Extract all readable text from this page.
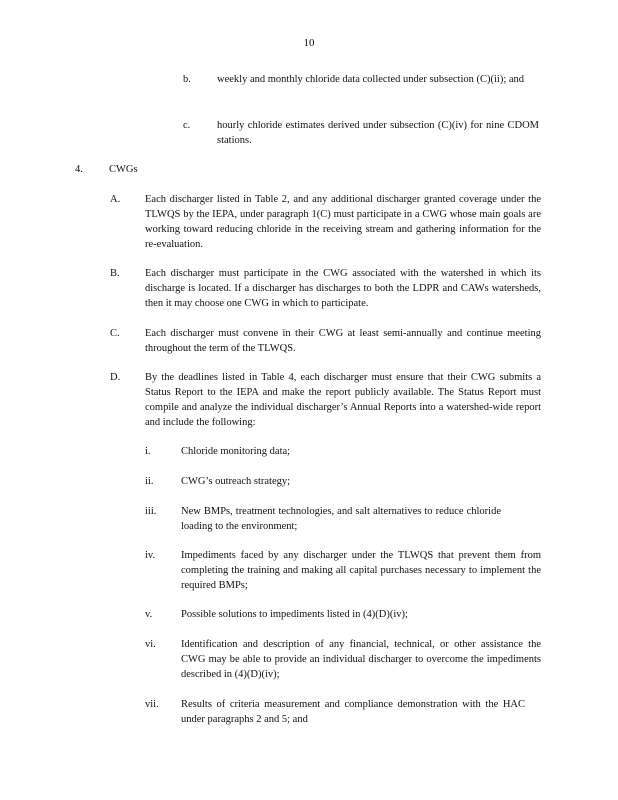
10
b. weekly and monthly chloride data collected under subsection (C)(ii); and
c.	hourly chloride estimates derived under subsection (C)(iv) for nine CDOM stations.
4. CWGs
A. Each discharger listed in Table 2, and any additional discharger granted coverage under the TLWQS by the IEPA, under paragraph 1(C) must participate in a CWG whose main goals are working toward reducing chloride in the receiving stream and gathering information for the re-evaluation.
B. Each discharger must participate in the CWG associated with the watershed in which its discharge is located. If a discharger has discharges to both the LDPR and CAWs watersheds, then it may choose one CWG in which to participate.
C. Each discharger must convene in their CWG at least semi-annually and continue meeting throughout the term of the TLWQS.
D. By the deadlines listed in Table 4, each discharger must ensure that their CWG submits a Status Report to the IEPA and make the report publicly available. The Status Report must compile and analyze the individual discharger’s Annual Reports into a watershed-wide report and include the following:
i.	Chloride monitoring data;
ii.	CWG’s outreach strategy;
iii. New BMPs, treatment technologies, and salt alternatives to reduce chloride loading to the environment;
iv. Impediments faced by any discharger under the TLWQS that prevent them from completing the training and making all capital purchases necessary to implement the required BMPs;
v.	Possible solutions to impediments listed in (4)(D)(iv);
vi. Identification and description of any financial, technical, or other assistance the CWG may be able to provide an individual discharger to overcome the impediments described in (4)(D)(iv);
vii. Results of criteria measurement and compliance demonstration with the HAC under paragraphs 2 and 5; and
